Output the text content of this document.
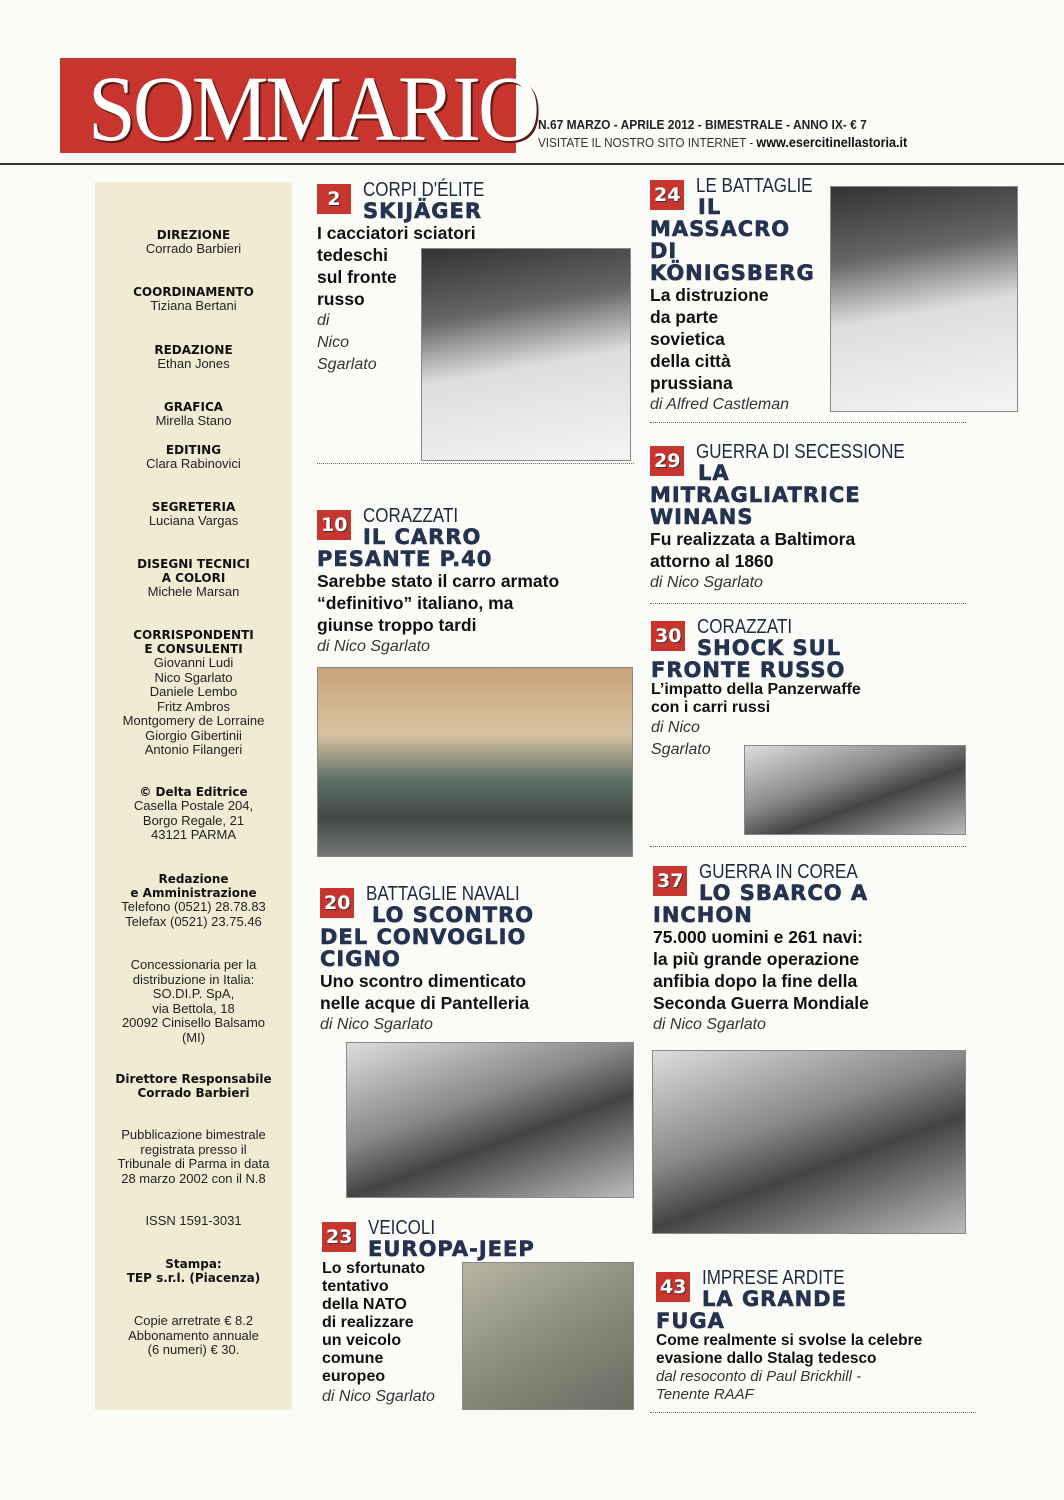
SOMMARIO N.67 MARZO - APRILE 2012 - BIMESTRALE - ANNO IX- € 7
VISITATE IL NOSTRO SITO INTERNET - www.esercitinellastoria.it
DIREZIONE
Corrado Barbieri
COORDINAMENTO
Tiziana Bertani
REDAZIONE
Ethan Jones
GRAFICA
Mirella Stano
EDITING
Clara Rabinovici
SEGRETERIA
Luciana Vargas
DISEGNI TECNICI
A COLORI
Michele Marsan
CORRISPONDENTI
E CONSULENTI
Giovanni Ludi
Nico Sgarlato
Daniele Lembo
Fritz Ambros
Montgomery de Lorraine
Giorgio Gibertinii
Antonio Filangeri
© Delta Editrice
Casella Postale 204,
Borgo Regale, 21
43121 PARMA
Redazione
e Amministrazione
Telefono (0521) 28.78.83
Telefax (0521) 23.75.46
Concessionaria per la
distribuzione in Italia:
SO.DI.P. SpA,
via Bettola, 18
20092 Cinisello Balsamo
(MI)
Direttore Responsabile
Corrado Barbieri
Pubblicazione bimestrale
registrata presso il
Tribunale di Parma in data
28 marzo 2002 con il N.8
ISSN 1591-3031
Stampa:
TEP s.r.l. (Piacenza)
Copie arretrate € 8.2
Abbonamento annuale
(6 numeri) € 30.
2	CORPI D'ÉLITE
SKIJÄGER
I cacciatori sciatori
tedeschi
sul fronte
russo
di
Nico
Sgarlato
10 CORAZZATI
IL CARRO
PESANTE P.40
Sarebbe stato il carro armato
“definitivo” italiano, ma
giunse troppo tardi
di Nico Sgarlato
20 BATTAGLIE NAVALI
LO SCONTRO
DEL CONVOGLIO
CIGNO
Uno scontro dimenticato
nelle acque di Pantelleria
di Nico Sgarlato
23 VEICOLI
EUROPA-JEEP
Lo sfortunato
tentativo
della NATO
di realizzare
un veicolo
comune
europeo
di Nico Sgarlato
24 LE BATTAGLIE
IL
MASSACRO
DI
KÖNIGSBERG
La distruzione
da parte
sovietica
della città
prussiana
di Alfred Castleman
29 GUERRA DI SECESSIONE
LA
MITRAGLIATRICE
WINANS
Fu realizzata a Baltimora
attorno al 1860
di Nico Sgarlato
30 CORAZZATI
SHOCK SUL
FRONTE RUSSO
L’impatto della Panzerwaffe
con i carri russi
di Nico
Sgarlato
37 GUERRA IN COREA
LO SBARCO A
INCHON
75.000 uomini e 261 navi:
la più grande operazione
anfibia dopo la fine della
Seconda Guerra Mondiale
di Nico Sgarlato
43 IMPRESE ARDITE
LA GRANDE
FUGA
Come realmente si svolse la celebre
evasione dallo Stalag tedesco
dal resoconto di Paul Brickhill -
Tenente RAAF
